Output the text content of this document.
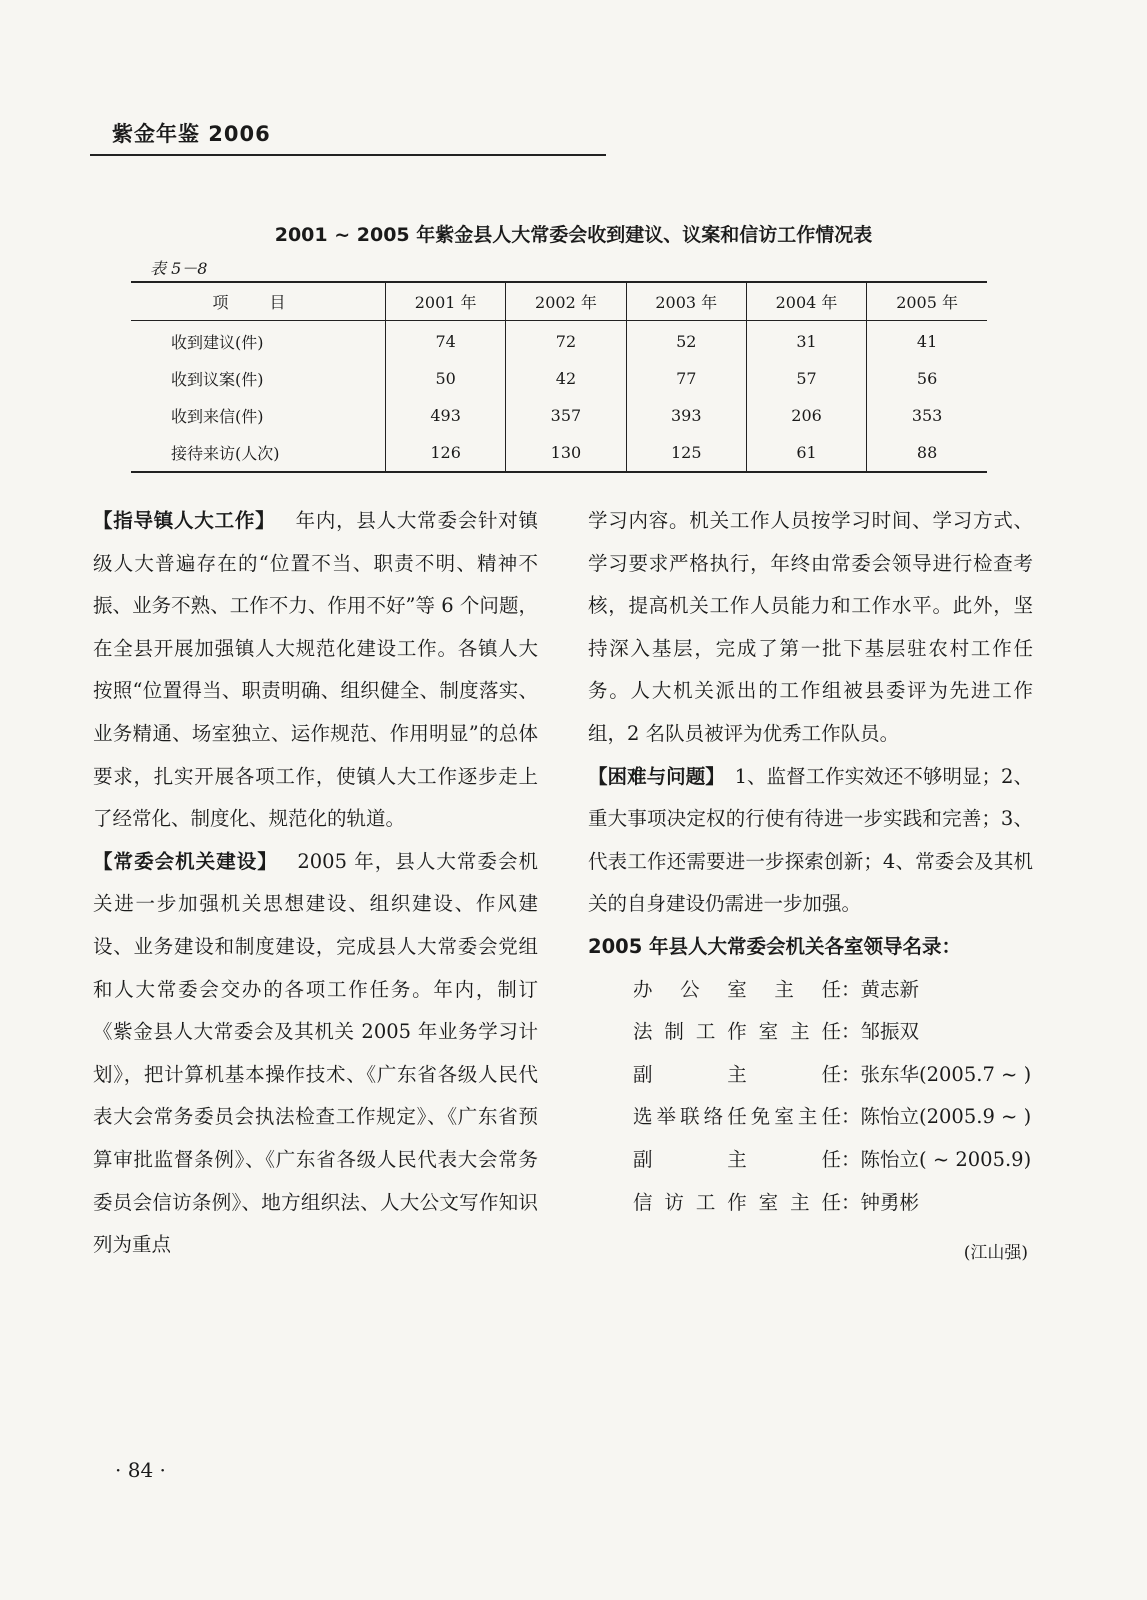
紫金年鉴 2006
2001 ~ 2005 年紫金县人大常委会收到建议、议案和信访工作情况表
表 5－8
项 目	2001 年	2002 年	2003 年	2004 年	2005 年
收到建议(件)	74	72	52	31	41
收到议案(件)	50	42	77	57	56
收到来信(件)	493	357	393	206	353
接待来访(人次)	126	130	125	61	88

【指导镇人大工作】  年内，县人大常委会针对镇级人大普遍存在的“位置不当、职责不明、精神不振、业务不熟、工作不力、作用不好”等 6 个问题，在全县开展加强镇人大规范化建设工作。各镇人大按照“位置得当、职责明确、组织健全、制度落实、业务精通、场室独立、运作规范、作用明显”的总体要求，扎实开展各项工作，使镇人大工作逐步走上了经常化、制度化、规范化的轨道。

【常委会机关建设】  2005 年，县人大常委会机关进一步加强机关思想建设、组织建设、作风建设、业务建设和制度建设，完成县人大常委会党组和人大常委会交办的各项工作任务。年内，制订《紫金县人大常委会及其机关 2005 年业务学习计划》，把计算机基本操作技术、《广东省各级人民代表大会常务委员会执法检查工作规定》、《广东省预算审批监督条例》、《广东省各级人民代表大会常务委员会信访条例》、地方组织法、人大公文写作知识列为重点

学习内容。机关工作人员按学习时间、学习方式、学习要求严格执行，年终由常委会领导进行检查考核，提高机关工作人员能力和工作水平。此外，坚持深入基层，完成了第一批下基层驻农村工作任务。人大机关派出的工作组被县委评为先进工作组，2 名队员被评为优秀工作队员。

【困难与问题】  1、监督工作实效还不够明显；2、重大事项决定权的行使有待进一步实践和完善；3、代表工作还需要进一步探索创新；4、常委会及其机关的自身建设仍需进一步加强。

2005 年县人大常委会机关各室领导名录：

办公室主任 ： 黄志新
法制工作室主任 ： 邹振双
副主任 ： 张东华(2005.7 ~ )
选举联络任免室主任 ： 陈怡立(2005.9 ~ )
副主任 ： 陈怡立( ~ 2005.9)
信访工作室主任 ： 钟勇彬

(江山强)

· 84 ·
